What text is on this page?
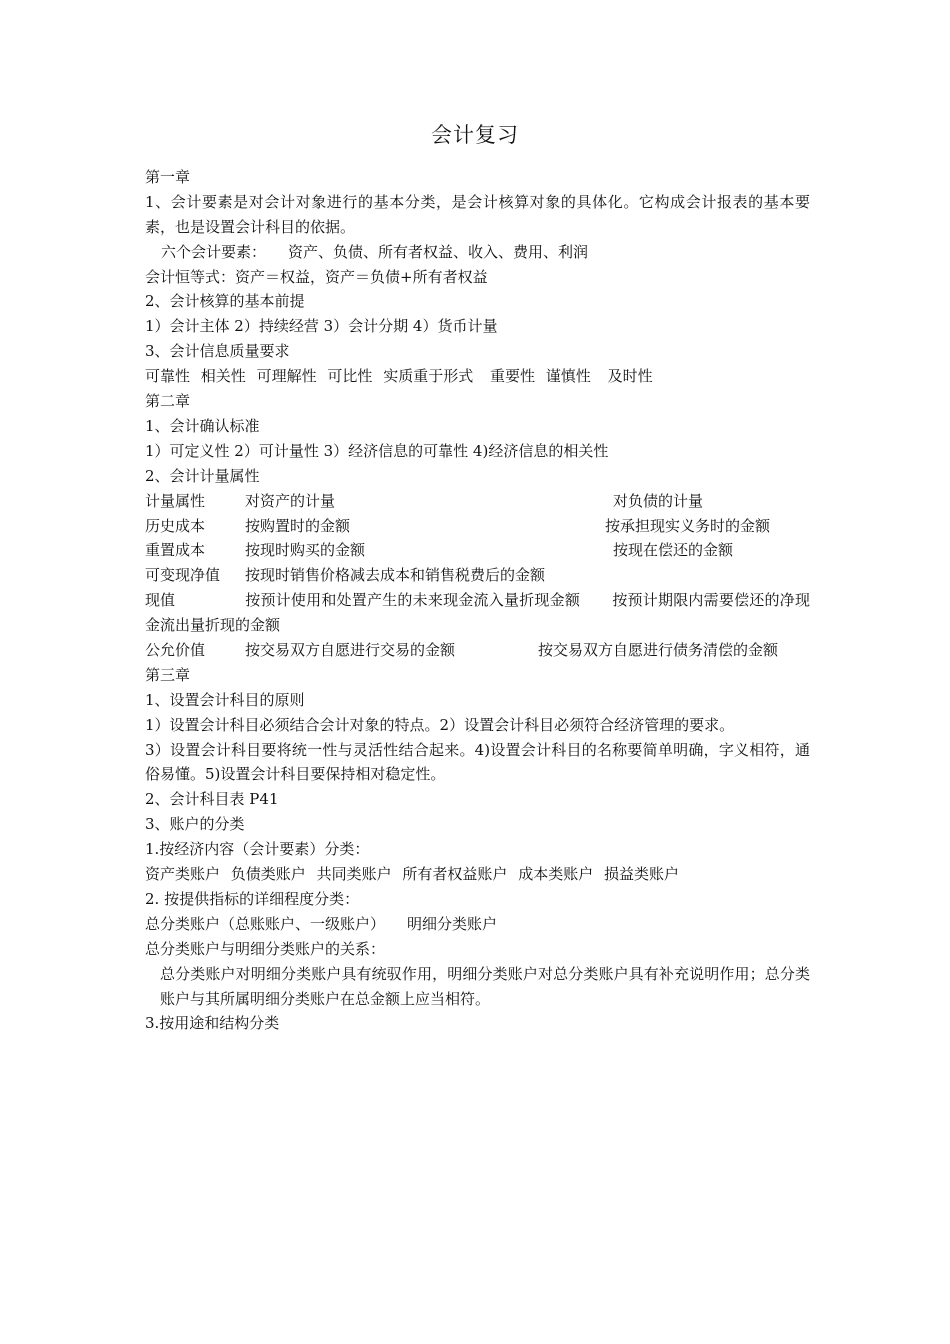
会计复习
第一章
1、会计要素是对会计对象进行的基本分类，是会计核算对象的具体化。它构成会计报表的基本要素，也是设置会计科目的依据。
六个会计要素： 资产、负债、所有者权益、收入、费用、利润
会计恒等式：资产＝权益，资产＝负债+所有者权益
2、会计核算的基本前提
1）会计主体 2）持续经营 3）会计分期 4）货币计量
3、会计信息质量要求
可靠性 相关性 可理解性 可比性 实质重于形式 重要性 谨慎性 及时性
第二章
1、会计确认标准
1）可定义性 2）可计量性 3）经济信息的可靠性 4)经济信息的相关性
2、会计计量属性
计量属性	对资产的计量	对负债的计量
历史成本	按购置时的金额	按承担现实义务时的金额
重置成本	按现时购买的金额	按现在偿还的金额
可变现净值 按现时销售价格减去成本和销售税费后的金额
现值	按预计使用和处置产生的未来现金流入量折现金额 按预计期限内需要偿还的净现金流出量折现的金额
公允价值	按交易双方自愿进行交易的金额	按交易双方自愿进行债务清偿的金额
第三章
1、设置会计科目的原则
1）设置会计科目必须结合会计对象的特点。2）设置会计科目必须符合经济管理的要求。
3）设置会计科目要将统一性与灵活性结合起来。4)设置会计科目的名称要简单明确，字义相符，通俗易懂。5)设置会计科目要保持相对稳定性。
2、会计科目表 P41
3、账户的分类
1.按经济内容（会计要素）分类：
资产类账户 负债类账户 共同类账户 所有者权益账户 成本类账户 损益类账户
2. 按提供指标的详细程度分类：
总分类账户（总账账户、一级账户） 明细分类账户
总分类账户与明细分类账户的关系：
总分类账户对明细分类账户具有统驭作用，明细分类账户对总分类账户具有补充说明作用；总分类账户与其所属明细分类账户在总金额上应当相符。
3.按用途和结构分类
